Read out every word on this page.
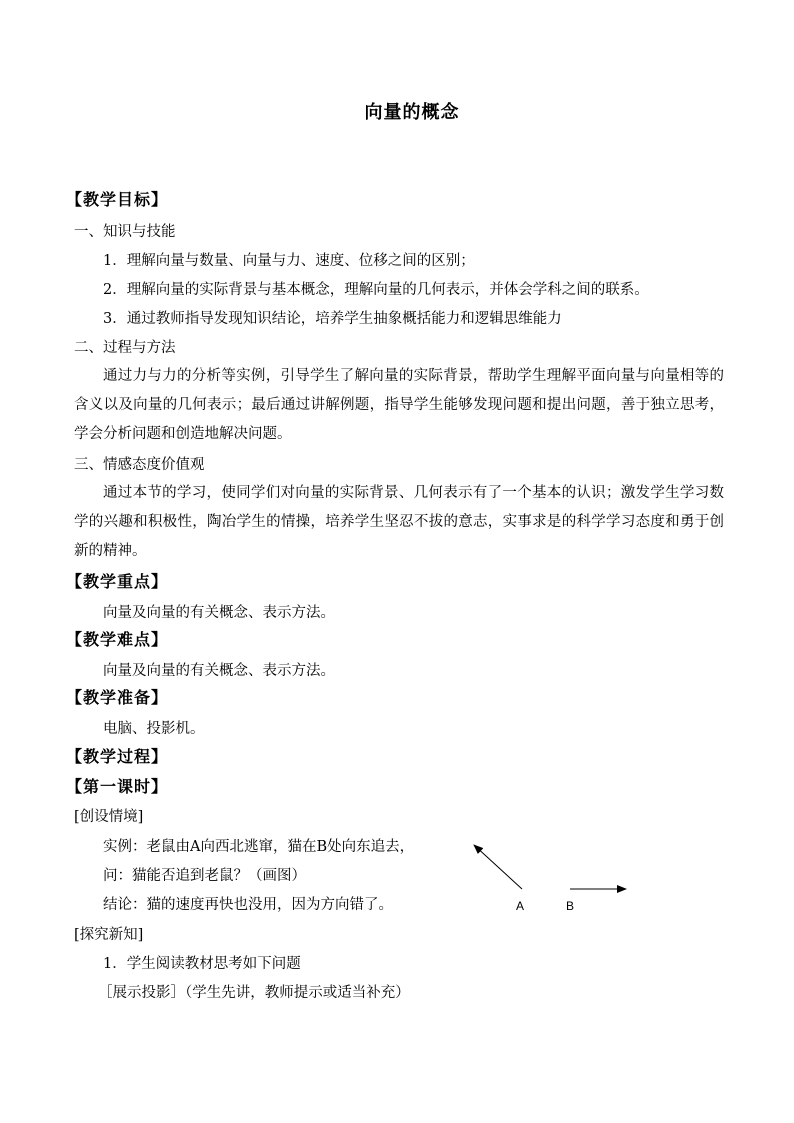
向量的概念
【教学目标】
一、知识与技能
1．理解向量与数量、向量与力、速度、位移之间的区别；
2．理解向量的实际背景与基本概念，理解向量的几何表示，并体会学科之间的联系。
3．通过教师指导发现知识结论，培养学生抽象概括能力和逻辑思维能力
二、过程与方法
通过力与力的分析等实例，引导学生了解向量的实际背景，帮助学生理解平面向量与向量相等的含义以及向量的几何表示；最后通过讲解例题，指导学生能够发现问题和提出问题，善于独立思考，学会分析问题和创造地解决问题。
三、情感态度价值观
通过本节的学习，使同学们对向量的实际背景、几何表示有了一个基本的认识；激发学生学习数学的兴趣和积极性，陶冶学生的情操，培养学生坚忍不拔的意志，实事求是的科学学习态度和勇于创新的精神。
【教学重点】
向量及向量的有关概念、表示方法。
【教学难点】
向量及向量的有关概念、表示方法。
【教学准备】
电脑、投影机。
【教学过程】
【第一课时】
[创设情境]
实例：老鼠由A向西北逃窜，猫在B处向东追去，
问：猫能否追到老鼠？（画图）
结论：猫的速度再快也没用，因为方向错了。
[探究新知]
1．学生阅读教材思考如下问题
［展示投影］（学生先讲，教师提示或适当补充）
A	B
